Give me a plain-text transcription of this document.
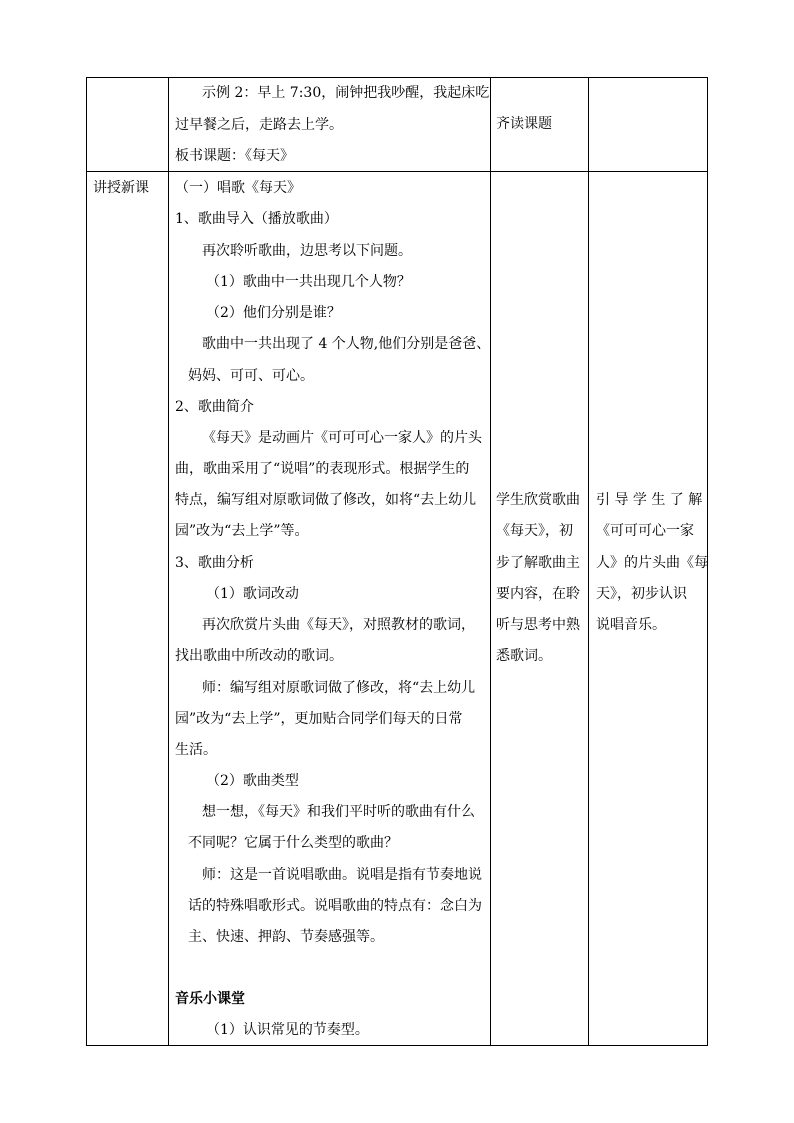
示例 2：早上 7:30，闹钟把我吵醒，我起床吃
过早餐之后，走路去上学。
板书课题：《每天》
齐读课题
讲授新课 （一）唱歌《每天》
1、歌曲导入（播放歌曲）
再次聆听歌曲，边思考以下问题。
（1）歌曲中一共出现几个人物？
（2）他们分别是谁？
歌曲中一共出现了 4 个人物,他们分别是爸爸、
妈妈、可可、可心。
2、歌曲简介
《每天》是动画片《可可可心一家人》的片头
曲，歌曲采用了“说唱”的表现形式。根据学生的
特点，编写组对原歌词做了修改，如将“去上幼儿
园”改为“去上学”等。
3、歌曲分析
（1）歌词改动
再次欣赏片头曲《每天》，对照教材的歌词，
找出歌曲中所改动的歌词。
师：编写组对原歌词做了修改，将“去上幼儿
园”改为“去上学”，更加贴合同学们每天的日常
生活。
（2）歌曲类型
想一想，《每天》和我们平时听的歌曲有什么
不同呢？它属于什么类型的歌曲？
师：这是一首说唱歌曲。说唱是指有节奏地说
话的特殊唱歌形式。说唱歌曲的特点有：念白为
主、快速、押韵、节奏感强等。
音乐小课堂
（1）认识常见的节奏型。
学生欣赏歌曲
《每天》，初
步了解歌曲主
要内容，在聆
听与思考中熟
悉歌词。
引 导 学 生 了 解
《可可可心一家
人》的片头曲《每
天》，初步认识
说唱音乐。
